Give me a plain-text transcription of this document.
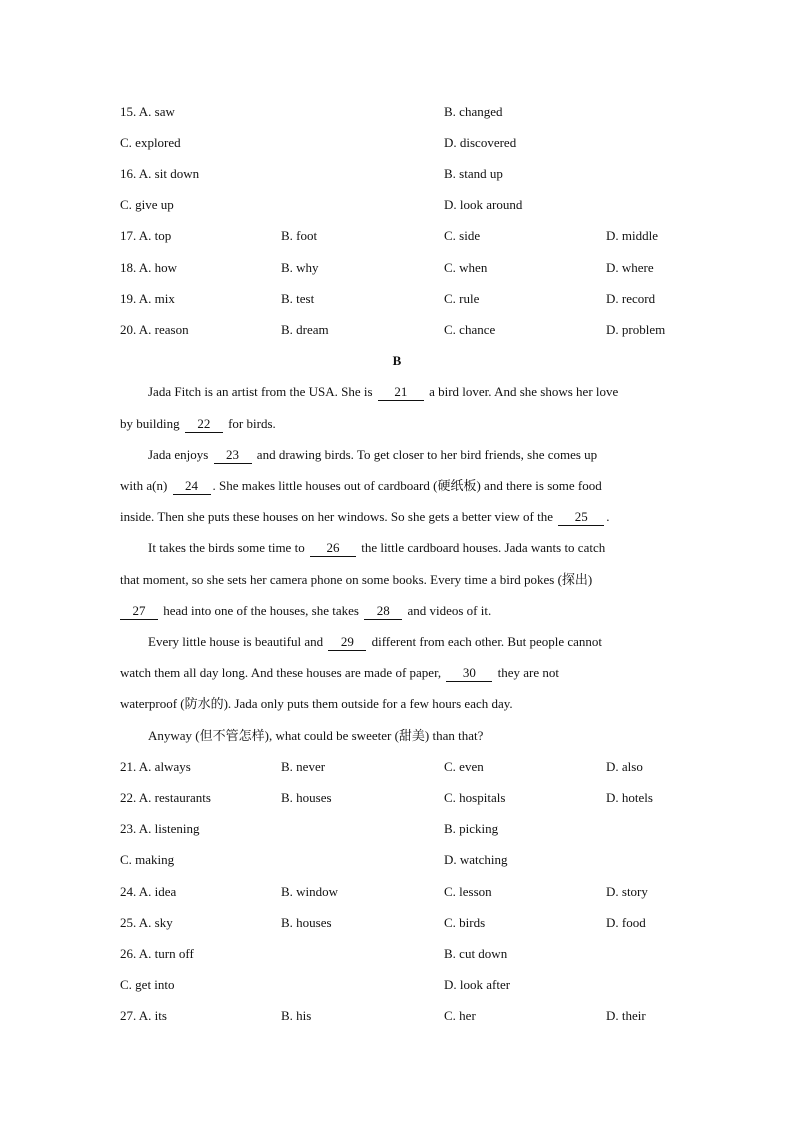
15. A. saw	B. changed
C. explored	D. discovered
16. A. sit down	B. stand up
C. give up	D. look around
17. A. top	B. foot	C. side	D. middle
18. A. how	B. why	C. when	D. where
19. A. mix	B. test	C. rule	D. record
20. A. reason	B. dream	C. chance	D. problem
B
Jada Fitch is an artist from the USA. She is 21 a bird lover. And she shows her love
by building 22 for birds.
Jada enjoys 23 and drawing birds. To get closer to her bird friends, she comes up
with a(n) 24 . She makes little houses out of cardboard (硬纸板) and there is some food
inside. Then she puts these houses on her windows. So she gets a better view of the 25 .
It takes the birds some time to 26 the little cardboard houses. Jada wants to catch
that moment, so she sets her camera phone on some books. Every time a bird pokes (探出)
27 head into one of the houses, she takes 28 and videos of it.
Every little house is beautiful and 29 different from each other. But people cannot
watch them all day long. And these houses are made of paper, 30 they are not
waterproof (防水的). Jada only puts them outside for a few hours each day.
Anyway (但不管怎样), what could be sweeter (甜美) than that?
21. A. always	B. never	C. even	D. also
22. A. restaurants	B. houses	C. hospitals	D. hotels
23. A. listening	B. picking
C. making	D. watching
24. A. idea	B. window	C. lesson	D. story
25. A. sky	B. houses	C. birds	D. food
26. A. turn off	B. cut down
C. get into	D. look after
27. A. its	B. his	C. her	D. their
